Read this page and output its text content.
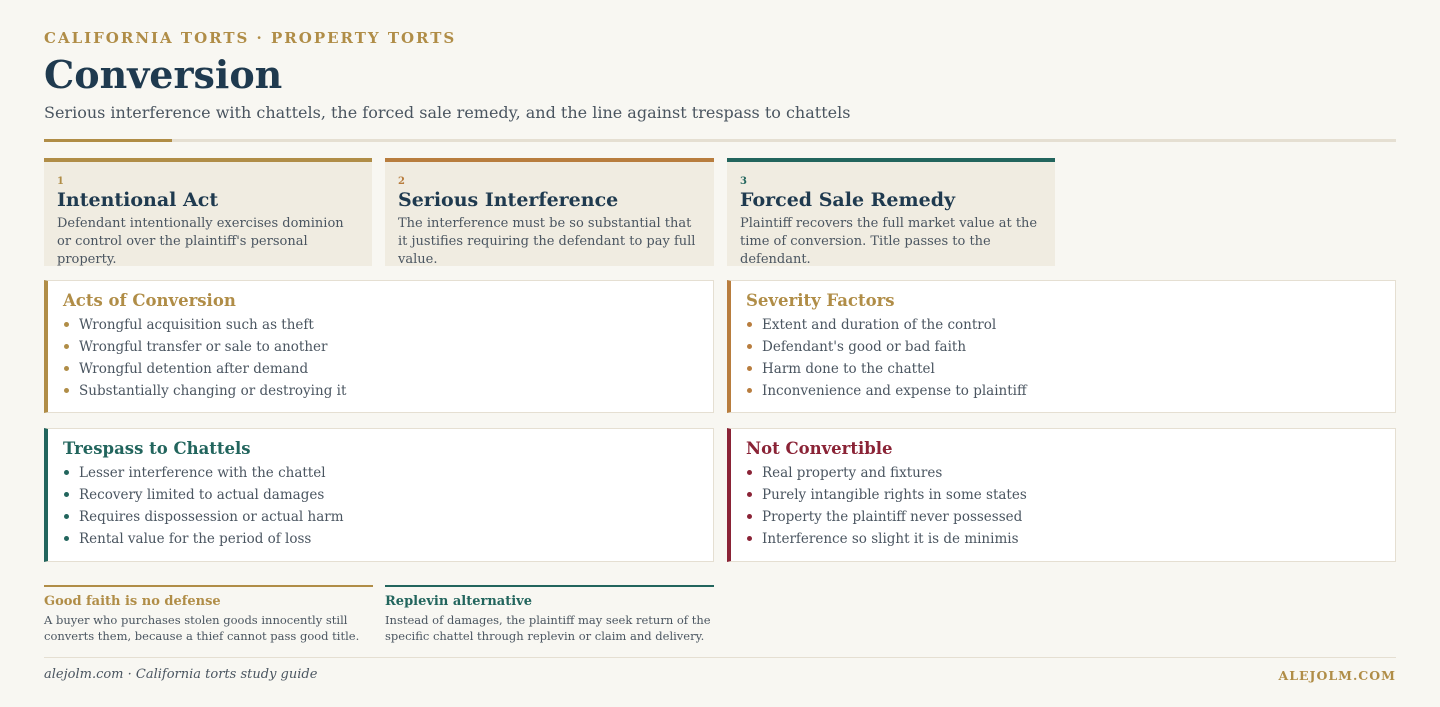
CALIFORNIA TORTS · PROPERTY TORTS
Conversion
Serious interference with chattels, the forced sale remedy, and the line against trespass to chattels
1
Intentional Act
Defendant intentionally exercises dominion or control over the plaintiff's personal property.
2
Serious Interference
The interference must be so substantial that it justifies requiring the defendant to pay full value.
3
Forced Sale Remedy
Plaintiff recovers the full market value at the time of conversion. Title passes to the defendant.
Acts of Conversion
Wrongful acquisition such as theft
Wrongful transfer or sale to another
Wrongful detention after demand
Substantially changing or destroying it
Severity Factors
Extent and duration of the control
Defendant's good or bad faith
Harm done to the chattel
Inconvenience and expense to plaintiff
Trespass to Chattels
Lesser interference with the chattel
Recovery limited to actual damages
Requires dispossession or actual harm
Rental value for the period of loss
Not Convertible
Real property and fixtures
Purely intangible rights in some states
Property the plaintiff never possessed
Interference so slight it is de minimis
Good faith is no defense
A buyer who purchases stolen goods innocently still converts them, because a thief cannot pass good title.
Replevin alternative
Instead of damages, the plaintiff may seek return of the specific chattel through replevin or claim and delivery.
alejolm.com · California torts study guide	ALEJOLM.COM
